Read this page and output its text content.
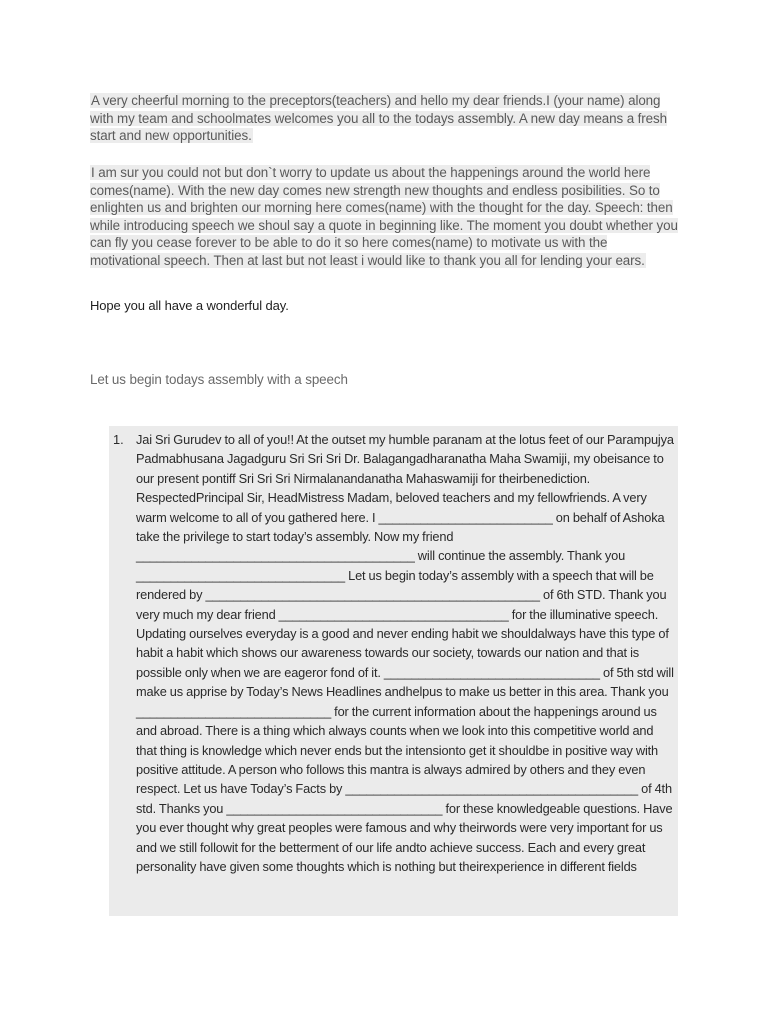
A very cheerful morning to the preceptors(teachers) and hello my dear friends.I (your name) along with my team and schoolmates welcomes you all to the todays assembly. A new day means a fresh start and new opportunities.
I am sur you could not but don`t worry to update us about the happenings around the world here comes(name). With the new day comes new strength new thoughts and endless posibilities. So to enlighten us and brighten our morning here comes(name) with the thought for the day. Speech: then while introducing speech we shoul say a quote in beginning like. The moment you doubt whether you can fly you cease forever to be able to do it so here comes(name) to motivate us with the motivational speech. Then at last but not least i would like to thank you all for lending your ears.
Hope you all have a wonderful day.
Let us begin todays assembly with a speech
1. Jai Sri Gurudev to all of you!! At the outset my humble paranam at the lotus feet of our Parampujya Padmabhusana Jagadguru Sri Sri Sri Dr. Balagangadharanatha Maha Swamiji, my obeisance to our present pontiff Sri Sri Sri Nirmalanandanatha Mahaswamiji for theirbenediction. RespectedPrincipal Sir, HeadMistress Madam, beloved teachers and my fellowfriends. A very warm welcome to all of you gathered here. I _________________________ on behalf of Ashoka take the privilege to start today’s assembly. Now my friend ________________________________________ will continue the assembly. Thank you ______________________________ Let us begin today’s assembly with a speech that will be rendered by ________________________________________________ of 6th STD. Thank you very much my dear friend _________________________________ for the illuminative speech. Updating ourselves everyday is a good and never ending habit we shouldalways have this type of habit a habit which shows our awareness towards our society, towards our nation and that is possible only when we are eageror fond of it. _______________________________ of 5th std will make us apprise by Today’s News Headlines andhelpus to make us better in this area. Thank you ____________________________ for the current information about the happenings around us and abroad. There is a thing which always counts when we look into this competitive world and that thing is knowledge which never ends but the intensionto get it shouldbe in positive way with positive attitude. A person who follows this mantra is always admired by others and they even respect. Let us have Today’s Facts by __________________________________________ of 4th std. Thanks you _______________________________ for these knowledgeable questions. Have you ever thought why great peoples were famous and why theirwords were very important for us and we still followit for the betterment of our life andto achieve success. Each and every great personality have given some thoughts which is nothing but theirexperience in different fields
